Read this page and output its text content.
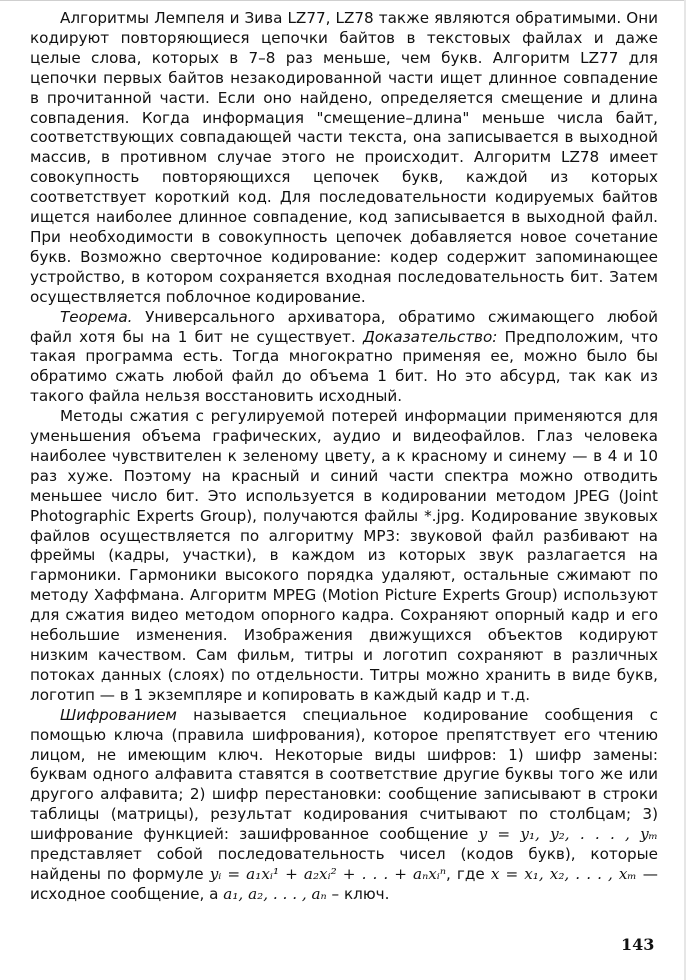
Алгоритмы Лемпеля и Зива LZ77, LZ78 также являются обратимыми. Они кодируют повторяющиеся цепочки байтов в текстовых файлах и даже целые слова, которых в 7–8 раз меньше, чем букв. Алгоритм LZ77 для цепочки первых байтов незакодированной части ищет длинное совпадение в прочитанной части. Если оно найдено, определяется смещение и длина совпадения. Когда информация "смещение–длина" меньше числа байт, соответствующих совпадающей части текста, она записывается в выходной массив, в противном случае этого не происходит. Алгоритм LZ78 имеет совокупность повторяющихся цепочек букв, каждой из которых соответствует короткий код. Для последовательности кодируемых байтов ищется наиболее длинное совпадение, код записывается в выходной файл. При необходимости в совокупность цепочек добавляется новое сочетание букв. Возможно сверточное кодирование: кодер содержит запоминающее устройство, в котором сохраняется входная последовательность бит. Затем осуществляется поблочное кодирование.

Теорема. Универсального архиватора, обратимо сжимающего любой файл хотя бы на 1 бит не существует. Доказательство: Предположим, что такая программа есть. Тогда многократно применяя ее, можно было бы обратимо сжать любой файл до объема 1 бит. Но это абсурд, так как из такого файла нельзя восстановить исходный.

Методы сжатия с регулируемой потерей информации применяются для уменьшения объема графических, аудио и видеофайлов. Глаз человека наиболее чувствителен к зеленому цвету, а к красному и синему — в 4 и 10 раз хуже. Поэтому на красный и синий части спектра можно отводить меньшее число бит. Это используется в кодировании методом JPEG (Joint Photographic Experts Group), получаются файлы *.jpg. Кодирование звуковых файлов осуществляется по алгоритму MP3: звуковой файл разбивают на фреймы (кадры, участки), в каждом из которых звук разлагается на гармоники. Гармоники высокого порядка удаляют, остальные сжимают по методу Хаффмана. Алгоритм MPEG (Motion Picture Experts Group) используют для сжатия видео методом опорного кадра. Сохраняют опорный кадр и его небольшие изменения. Изображения движущихся объектов кодируют низким качеством. Сам фильм, титры и логотип сохраняют в различных потоках данных (слоях) по отдельности. Титры можно хранить в виде букв, логотип — в 1 экземпляре и копировать в каждый кадр и т.д.

Шифрованием называется специальное кодирование сообщения с помощью ключа (правила шифрования), которое препятствует его чтению лицом, не имеющим ключ. Некоторые виды шифров: 1) шифр замены: буквам одного алфавита ставятся в соответствие другие буквы того же или другого алфавита; 2) шифр перестановки: сообщение записывают в строки таблицы (матрицы), результат кодирования считывают по столбцам; 3) шифрование функцией: зашифрованное сообщение y = y₁, y₂, . . . , yₘ представляет собой последовательность чисел (кодов букв), которые найдены по формуле yᵢ = a₁xᵢ¹ + a₂xᵢ² + . . . + aₙxᵢⁿ, где x = x₁, x₂, . . . , xₘ — исходное сообщение, а a₁, a₂, . . . , aₙ – ключ.

143
